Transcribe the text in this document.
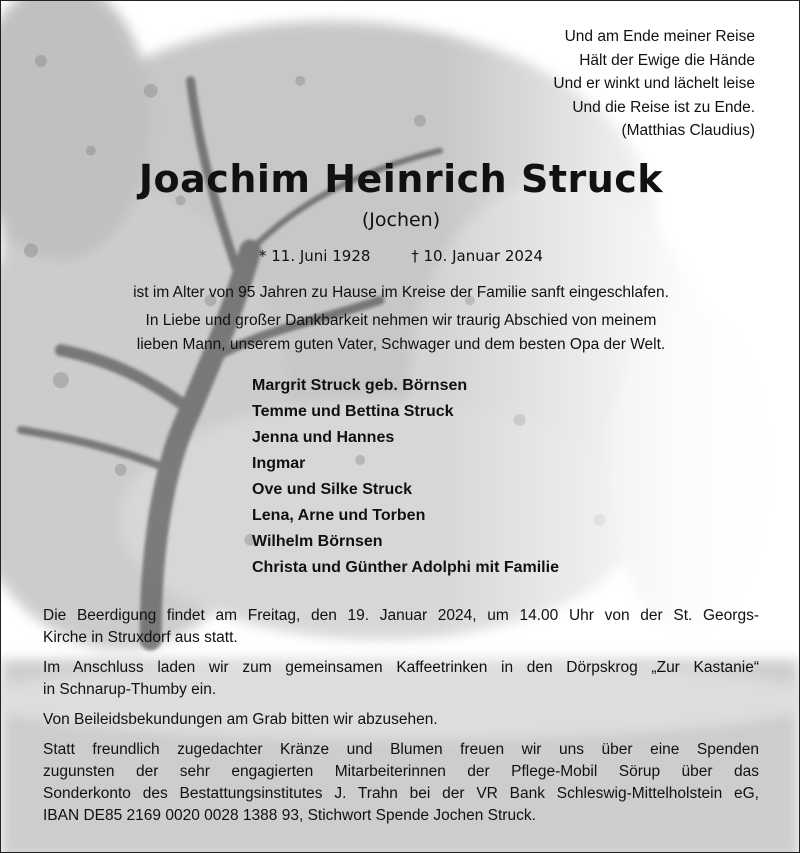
Und am Ende meiner Reise
Hält der Ewige die Hände
Und er winkt und lächelt leise
Und die Reise ist zu Ende.
(Matthias Claudius)
Joachim Heinrich Struck
(Jochen)
* 11. Juni 1928	† 10. Januar 2024
ist im Alter von 95 Jahren zu Hause im Kreise der Familie sanft eingeschlafen.
In Liebe und großer Dankbarkeit nehmen wir traurig Abschied von meinem
lieben Mann, unserem guten Vater, Schwager und dem besten Opa der Welt.
Margrit Struck geb. Börnsen
Temme und Bettina Struck
Jenna und Hannes
Ingmar
Ove und Silke Struck
Lena, Arne und Torben
Wilhelm Börnsen
Christa und Günther Adolphi mit Familie
Die Beerdigung findet am Freitag, den 19. Januar 2024, um 14.00 Uhr von der St. Georgs-
Kirche in Struxdorf aus statt.
Im Anschluss laden wir zum gemeinsamen Kaffeetrinken in den Dörpskrog „Zur Kastanie“
in Schnarup-Thumby ein.
Von Beileidsbekundungen am Grab bitten wir abzusehen.
Statt freundlich zugedachter Kränze und Blumen freuen wir uns über eine Spenden
zugunsten der sehr engagierten Mitarbeiterinnen der Pflege-Mobil Sörup über das
Sonderkonto des Bestattungsinstitutes J. Trahn bei der VR Bank Schleswig-Mittelholstein eG,
IBAN DE85 2169 0020 0028 1388 93, Stichwort Spende Jochen Struck.
